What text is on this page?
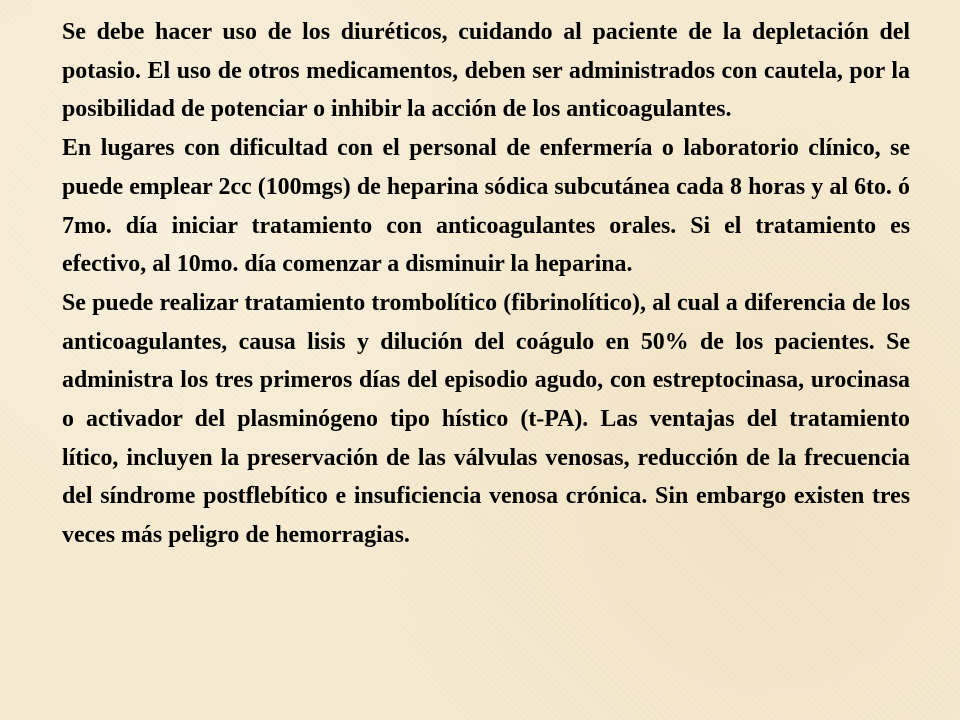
Se debe hacer uso de los diuréticos, cuidando al paciente de la depletación del potasio. El uso de otros medicamentos, deben ser administrados con cautela, por la posibilidad de potenciar o inhibir la acción de los anticoagulantes.

En lugares con dificultad con el personal de enfermería o laboratorio clínico, se puede emplear 2cc (100mgs) de heparina sódica subcutánea cada 8 horas y al 6to. ó 7mo. día iniciar tratamiento con anticoagulantes orales. Si el tratamiento es efectivo, al 10mo. día comenzar a disminuir la heparina.

Se puede realizar tratamiento trombolítico (fibrinolítico), al cual a diferencia de los anticoagulantes, causa lisis y dilución del coágulo en 50% de los pacientes. Se administra los tres primeros días del episodio agudo, con estreptocinasa, urocinasa o activador del plasminógeno tipo hístico (t-PA). Las ventajas del tratamiento lítico, incluyen la preservación de las válvulas venosas, reducción de la frecuencia del síndrome postflebítico e insuficiencia venosa crónica. Sin embargo existen tres veces más peligro de hemorragias.
